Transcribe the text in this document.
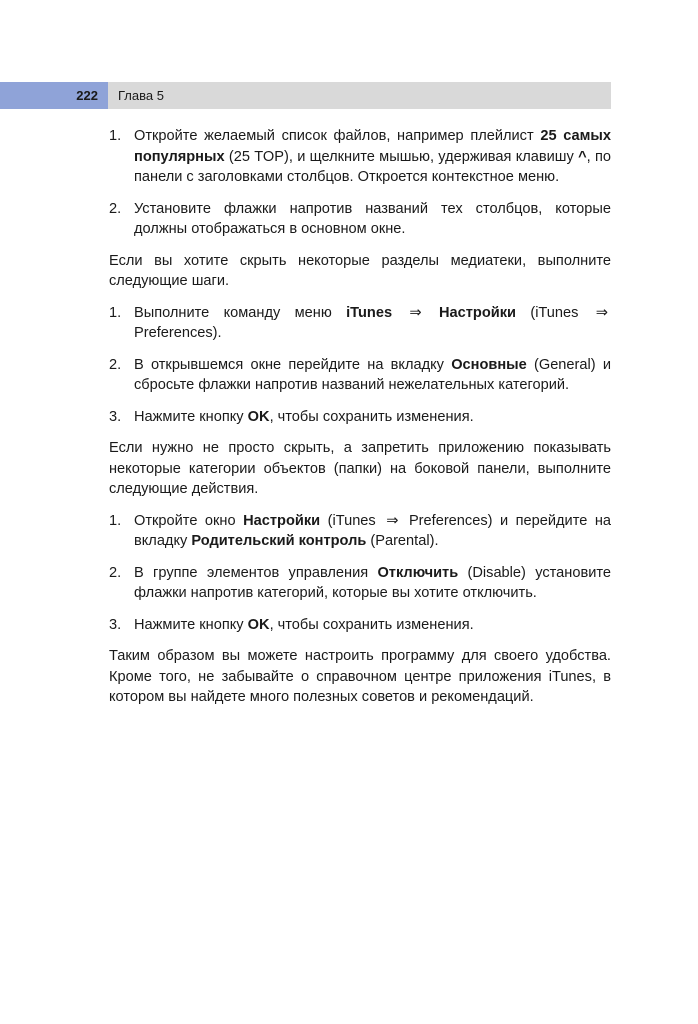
222	Глава 5
1. Откройте желаемый список файлов, например плейлист 25 самых популярных (25 TOP), и щелкните мышью, удерживая клавишу ^, по панели с заголовками столбцов. Откроется контекстное меню.
2. Установите флажки напротив названий тех столбцов, которые должны отображаться в основном окне.

Если вы хотите скрыть некоторые разделы медиатеки, выполните следующие шаги.

1. Выполните команду меню iTunes ⇒ Настройки (iTunes ⇒ Preferences).
2. В открывшемся окне перейдите на вкладку Основные (General) и сбросьте флажки напротив названий нежелательных категорий.
3. Нажмите кнопку OK, чтобы сохранить изменения.

Если нужно не просто скрыть, а запретить приложению показывать некоторые категории объектов (папки) на боковой панели, выполните следующие действия.

1. Откройте окно Настройки (iTunes ⇒ Preferences) и перейдите на вкладку Родительский контроль (Parental).
2. В группе элементов управления Отключить (Disable) установите флажки напротив категорий, которые вы хотите отключить.
3. Нажмите кнопку OK, чтобы сохранить изменения.

Таким образом вы можете настроить программу для своего удобства. Кроме того, не забывайте о справочном центре приложения iTunes, в котором вы найдете много полезных советов и рекомендаций.
